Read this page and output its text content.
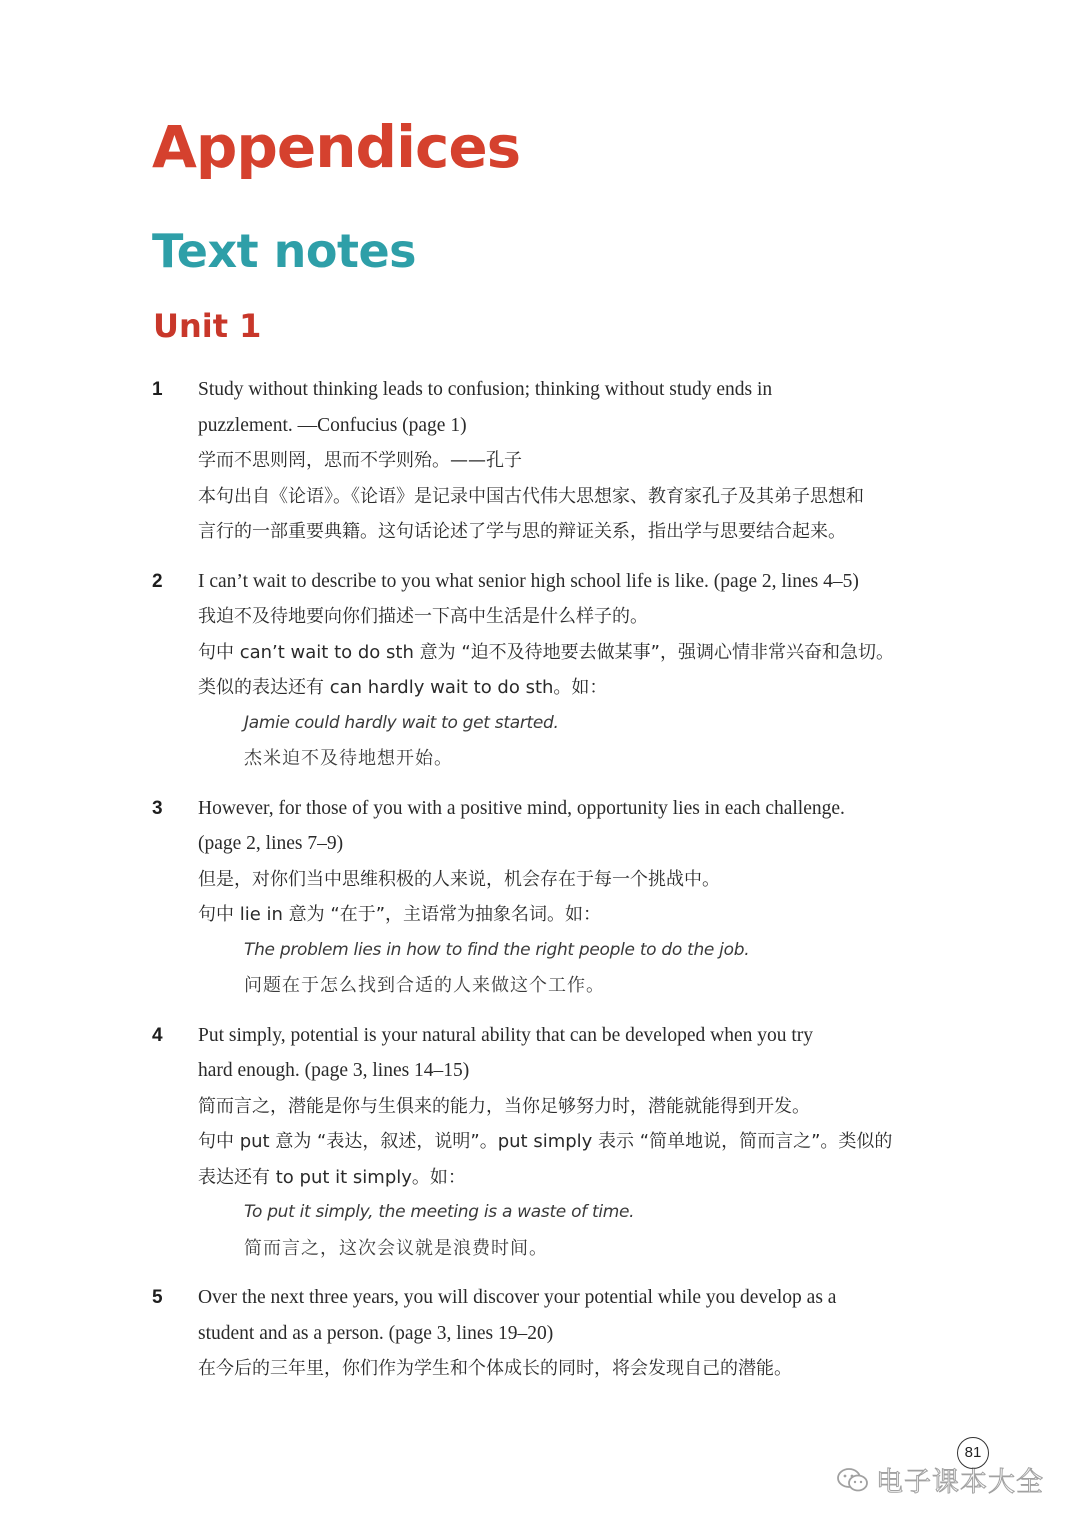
Appendices
Text notes
Unit 1
1	Study without thinking leads to confusion; thinking without study ends in
puzzlement. —Confucius (page 1)
学而不思则罔，思而不学则殆。——孔子
本句出自《论语》。《论语》是记录中国古代伟大思想家、教育家孔子及其弟子思想和
言行的一部重要典籍。这句话论述了学与思的辩证关系，指出学与思要结合起来。
2	I can’t wait to describe to you what senior high school life is like. (page 2, lines 4–5)
我迫不及待地要向你们描述一下高中生活是什么样子的。
句中 can’t wait to do sth 意为 “迫不及待地要去做某事”，强调心情非常兴奋和急切。
类似的表达还有 can hardly wait to do sth。如：
Jamie could hardly wait to get started.
杰米迫不及待地想开始。
3	However, for those of you with a positive mind, opportunity lies in each challenge.
(page 2, lines 7–9)
但是，对你们当中思维积极的人来说，机会存在于每一个挑战中。
句中 lie in 意为 “在于”，主语常为抽象名词。如：
The problem lies in how to find the right people to do the job.
问题在于怎么找到合适的人来做这个工作。
4	Put simply, potential is your natural ability that can be developed when you try
hard enough. (page 3, lines 14–15)
简而言之，潜能是你与生俱来的能力，当你足够努力时，潜能就能得到开发。
句中 put 意为 “表达，叙述，说明”。put simply 表示 “简单地说，简而言之”。类似的
表达还有 to put it simply。如：
To put it simply, the meeting is a waste of time.
简而言之，这次会议就是浪费时间。
5	Over the next three years, you will discover your potential while you develop as a
student and as a person. (page 3, lines 19–20)
在今后的三年里，你们作为学生和个体成长的同时，将会发现自己的潜能。
81
电子课本大全
